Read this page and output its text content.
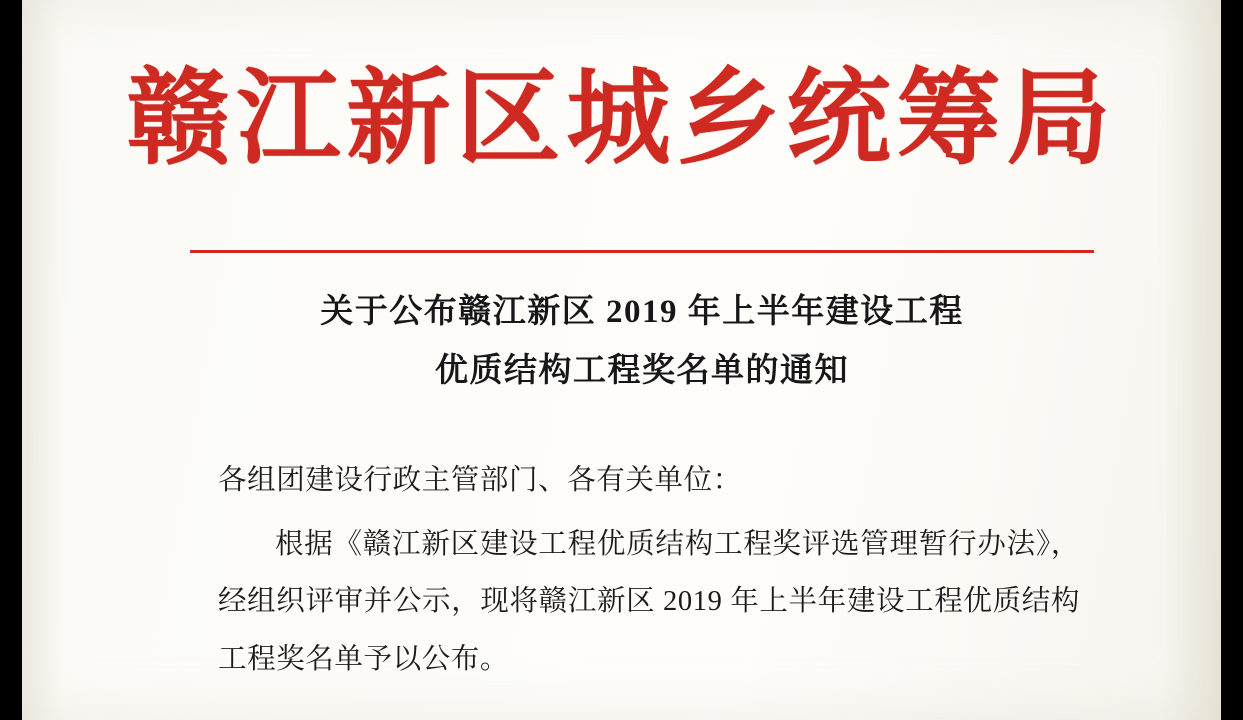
赣江新区城乡统筹局
关于公布赣江新区 2019 年上半年建设工程
优质结构工程奖名单的通知

各组团建设行政主管部门、各有关单位：

根据《赣江新区建设工程优质结构工程奖评选管理暂行办法》，经组织评审并公示，现将赣江新区 2019 年上半年建设工程优质结构工程奖名单予以公布。
